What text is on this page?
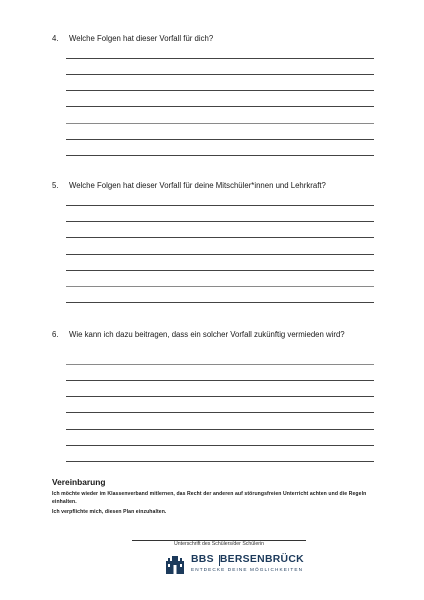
4. Welche Folgen hat dieser Vorfall für dich?
5. Welche Folgen hat dieser Vorfall für deine Mitschüler*innen und Lehrkraft?
6. Wie kann ich dazu beitragen, dass ein solcher Vorfall zukünftig vermieden wird?
Vereinbarung
Ich möchte wieder im Klassenverband mitlernen, das Recht der anderen auf störungsfreien Unterricht achten und die Regeln einhalten.
Ich verpflichte mich, diesen Plan einzuhalten.
Unterschrift des Schülers/der Schülerin
BBS BERSENBRÜCK
ENTDECKE DEINE MÖGLICHKEITEN
